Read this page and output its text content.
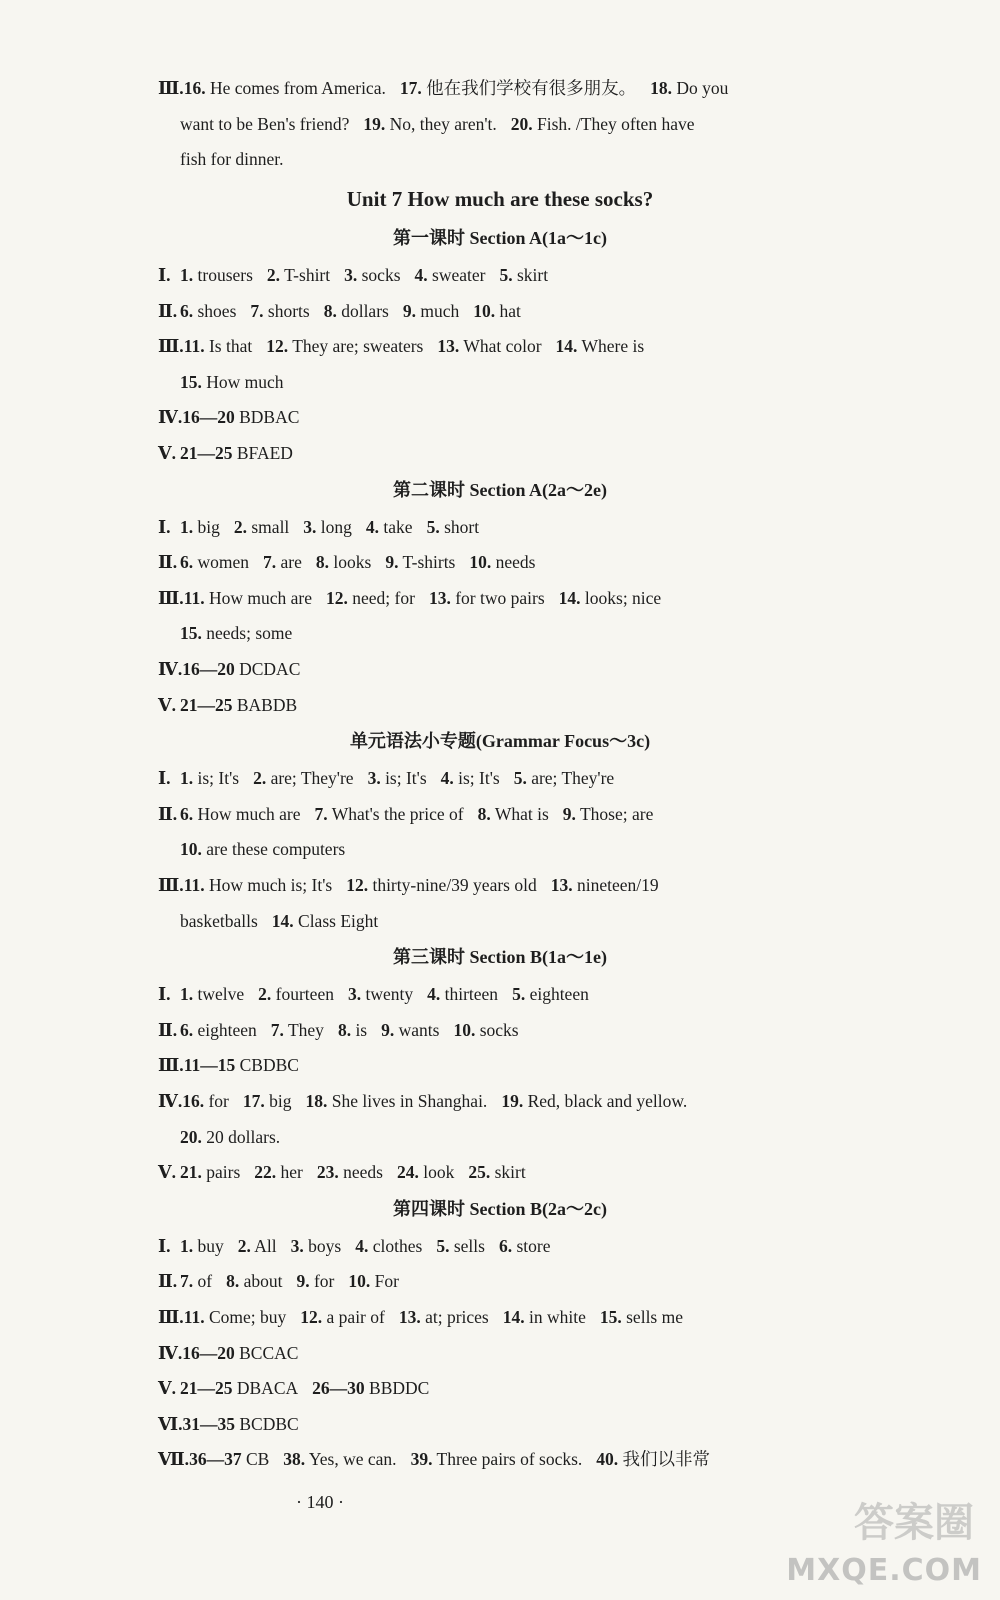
Ⅲ.16. He comes from America. 17. 他在我们学校有很多朋友。 18. Do you
want to be Ben's friend? 19. No, they aren't. 20. Fish. /They often have
fish for dinner.
Unit 7 How much are these socks?
第一课时 Section A(1a～1c)
Ⅰ. 1. trousers 2. T-shirt 3. socks 4. sweater 5. skirt
Ⅱ. 6. shoes 7. shorts 8. dollars 9. much 10. hat
Ⅲ.11. Is that 12. They are; sweaters 13. What color 14. Where is
15. How much
Ⅳ.16—20 BDBAC
Ⅴ. 21—25 BFAED
第二课时 Section A(2a～2e)
Ⅰ. 1. big 2. small 3. long 4. take 5. short
Ⅱ. 6. women 7. are 8. looks 9. T-shirts 10. needs
Ⅲ.11. How much are 12. need; for 13. for two pairs 14. looks; nice
15. needs; some
Ⅳ.16—20 DCDAC
Ⅴ. 21—25 BABDB
单元语法小专题(Grammar Focus～3c)
Ⅰ. 1. is; It's 2. are; They're 3. is; It's 4. is; It's 5. are; They're
Ⅱ. 6. How much are 7. What's the price of 8. What is 9. Those; are
10. are these computers
Ⅲ.11. How much is; It's 12. thirty-nine/39 years old 13. nineteen/19
basketballs 14. Class Eight
第三课时 Section B(1a～1e)
Ⅰ. 1. twelve 2. fourteen 3. twenty 4. thirteen 5. eighteen
Ⅱ. 6. eighteen 7. They 8. is 9. wants 10. socks
Ⅲ.11—15 CBDBC
Ⅳ.16. for 17. big 18. She lives in Shanghai. 19. Red, black and yellow.
20. 20 dollars.
Ⅴ. 21. pairs 22. her 23. needs 24. look 25. skirt
第四课时 Section B(2a～2c)
Ⅰ. 1. buy 2. All 3. boys 4. clothes 5. sells 6. store
Ⅱ. 7. of 8. about 9. for 10. For
Ⅲ.11. Come; buy 12. a pair of 13. at; prices 14. in white 15. sells me
Ⅳ.16—20 BCCAC
Ⅴ. 21—25 DBACA 26—30 BBDDC
Ⅵ.31—35 BCDBC
Ⅶ.36—37 CB 38. Yes, we can. 39. Three pairs of socks. 40. 我们以非常
· 140 ·	答案圈
MXQE.COM
